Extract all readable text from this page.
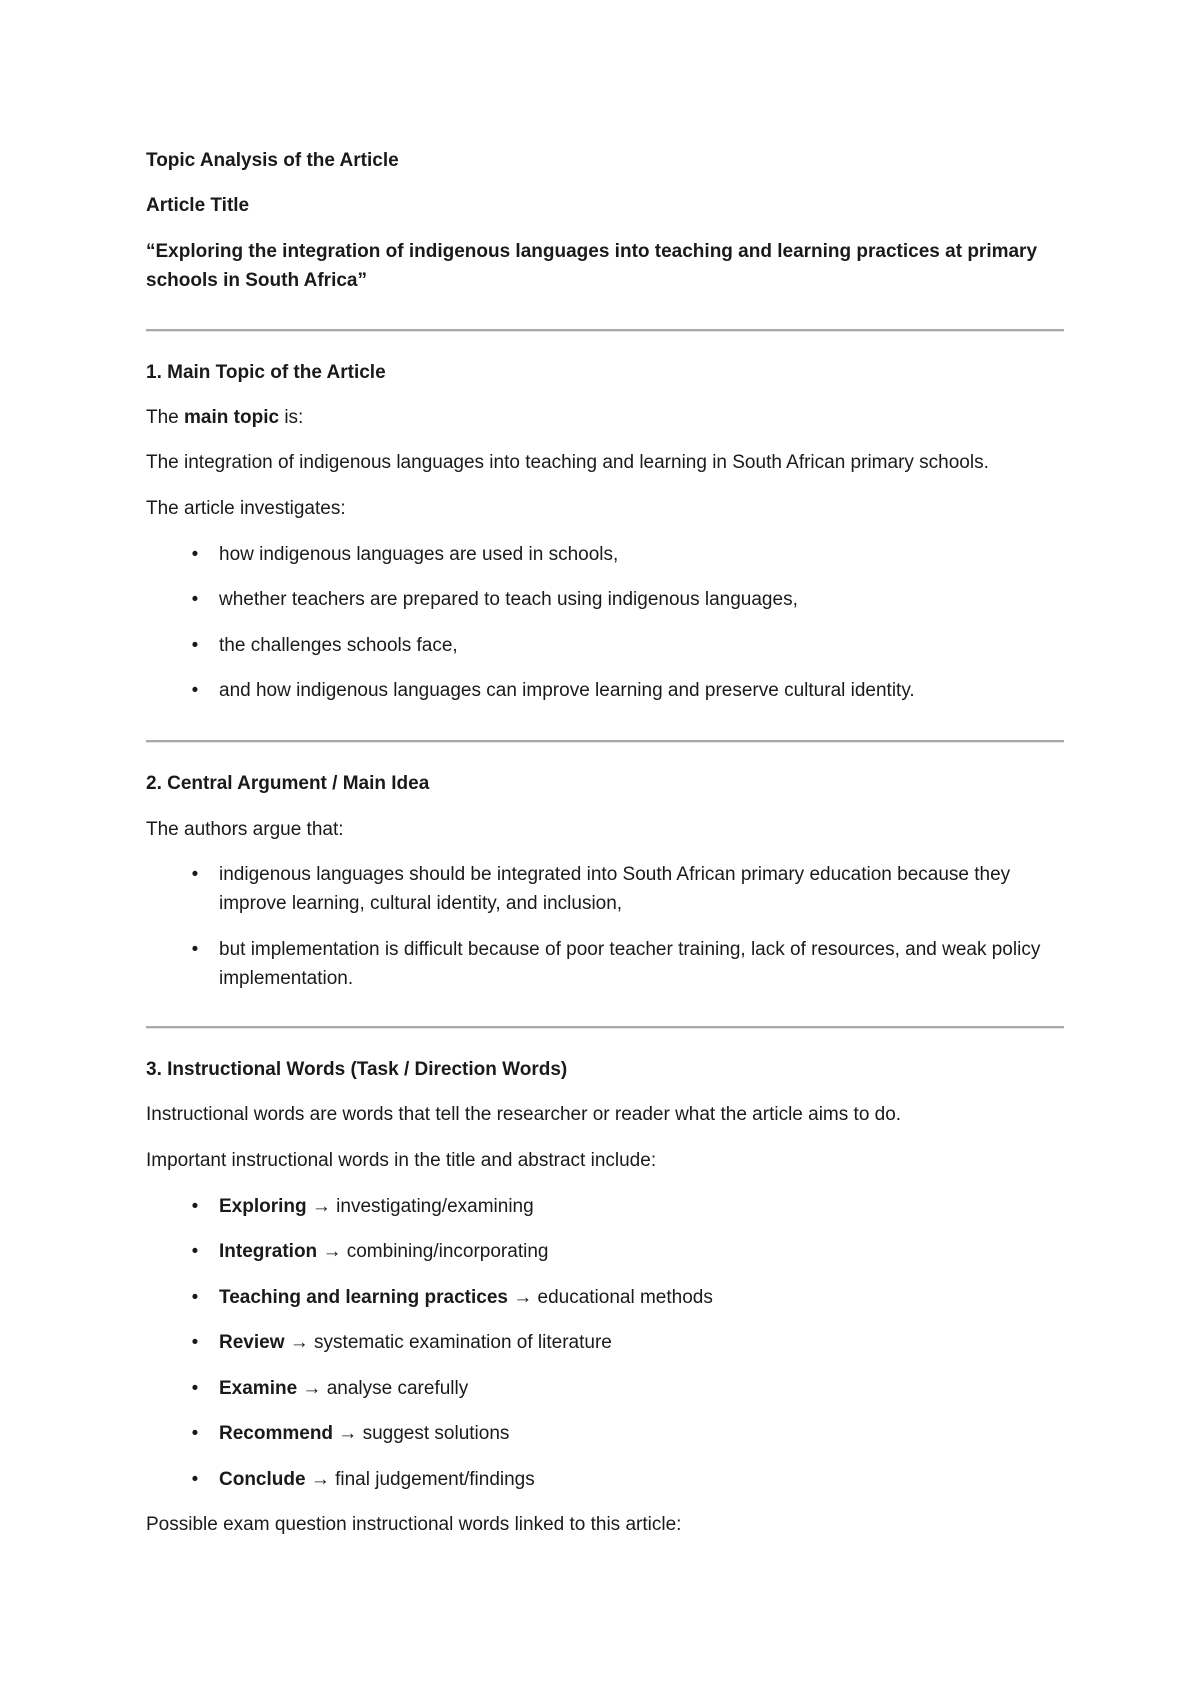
Topic Analysis of the Article
Article Title
“Exploring the integration of indigenous languages into teaching and learning practices at primary
schools in South Africa”
1. Main Topic of the Article
The main topic is:
The integration of indigenous languages into teaching and learning in South African primary schools.
The article investigates:
•	how indigenous languages are used in schools,
•	whether teachers are prepared to teach using indigenous languages,
•	the challenges schools face,
•	and how indigenous languages can improve learning and preserve cultural identity.
2. Central Argument / Main Idea
The authors argue that:
•	indigenous languages should be integrated into South African primary education because they improve learning, cultural identity, and inclusion,
•	but implementation is difficult because of poor teacher training, lack of resources, and weak policy implementation.
3. Instructional Words (Task / Direction Words)
Instructional words are words that tell the researcher or reader what the article aims to do.
Important instructional words in the title and abstract include:
•	Exploring → investigating/examining
•	Integration → combining/incorporating
•	Teaching and learning practices → educational methods
•	Review → systematic examination of literature
•	Examine → analyse carefully
•	Recommend → suggest solutions
•	Conclude → final judgement/findings
Possible exam question instructional words linked to this article:
